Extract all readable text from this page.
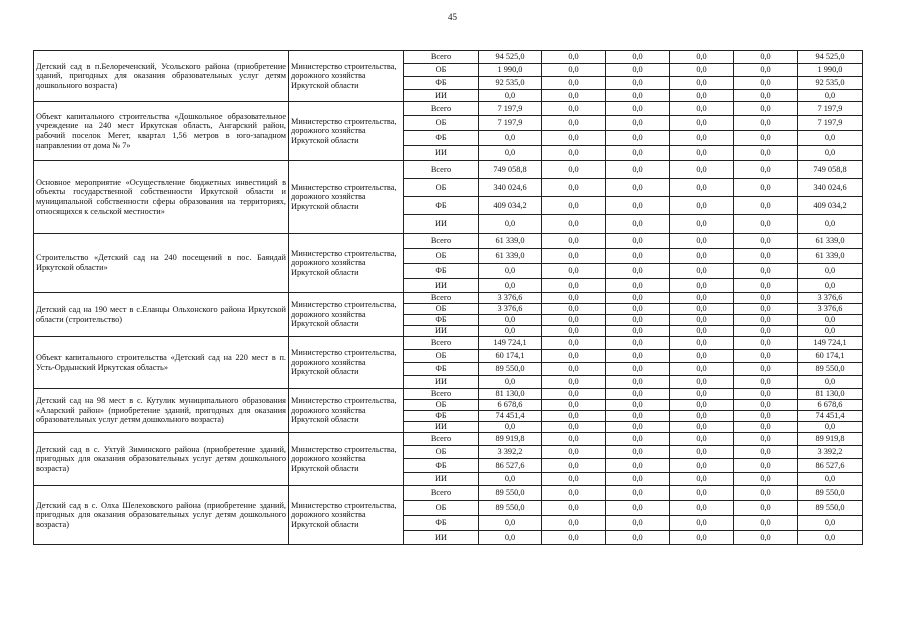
45
Детский сад в п.Белореченский, Усольского района (приобретение зданий, пригодных для оказания образовательных услуг детям дошкольного возраста)	Министерство строительства, дорожного хозяйства Иркутской области	Всего	94 525,0	0,0	0,0	0,0	0,0	94 525,0
		ОБ	1 990,0	0,0	0,0	0,0	0,0	1 990,0
		ФБ	92 535,0	0,0	0,0	0,0	0,0	92 535,0
		ИИ	0,0	0,0	0,0	0,0	0,0	0,0
Объект капитального строительства «Дошкольное образовательное учреждение на 240 мест Иркутская область, Ангарский район, рабочий поселок Мегет, квартал 1,56 метров в юго-западном направлении от дома № 7»	Министерство строительства, дорожного хозяйства Иркутской области	Всего	7 197,9	0,0	0,0	0,0	0,0	7 197,9
		ОБ	7 197,9	0,0	0,0	0,0	0,0	7 197,9
		ФБ	0,0	0,0	0,0	0,0	0,0	0,0
		ИИ	0,0	0,0	0,0	0,0	0,0	0,0
Основное мероприятие «Осуществление бюджетных инвестиций в объекты государственной собственности Иркутской области и муниципальной собственности сферы образования на территориях, относящихся к сельской местности»	Министерство строительства, дорожного хозяйства Иркутской области	Всего	749 058,8	0,0	0,0	0,0	0,0	749 058,8
		ОБ	340 024,6	0,0	0,0	0,0	0,0	340 024,6
		ФБ	409 034,2	0,0	0,0	0,0	0,0	409 034,2
		ИИ	0,0	0,0	0,0	0,0	0,0	0,0
Строительство «Детский сад на 240 посещений в пос. Баяндай Иркутской области»	Министерство строительства, дорожного хозяйства Иркутской области	Всего	61 339,0	0,0	0,0	0,0	0,0	61 339,0
		ОБ	61 339,0	0,0	0,0	0,0	0,0	61 339,0
		ФБ	0,0	0,0	0,0	0,0	0,0	0,0
		ИИ	0,0	0,0	0,0	0,0	0,0	0,0
Детский сад на 190 мест в с.Еланцы Ольхонского района Иркутской области (строительство)	Министерство строительства, дорожного хозяйства Иркутской области	Всего	3 376,6	0,0	0,0	0,0	0,0	3 376,6
		ОБ	3 376,6	0,0	0,0	0,0	0,0	3 376,6
		ФБ	0,0	0,0	0,0	0,0	0,0	0,0
		ИИ	0,0	0,0	0,0	0,0	0,0	0,0
Объект капитального строительства «Детский сад на 220 мест в п. Усть-Ордынский Иркутская область»	Министерство строительства, дорожного хозяйства Иркутской области	Всего	149 724,1	0,0	0,0	0,0	0,0	149 724,1
		ОБ	60 174,1	0,0	0,0	0,0	0,0	60 174,1
		ФБ	89 550,0	0,0	0,0	0,0	0,0	89 550,0
		ИИ	0,0	0,0	0,0	0,0	0,0	0,0
Детский сад на 98 мест в с. Кутулик муниципального образования «Аларский район» (приобретение зданий, пригодных для оказания образовательных услуг детям дошкольного возраста)	Министерство строительства, дорожного хозяйства Иркутской области	Всего	81 130,0	0,0	0,0	0,0	0,0	81 130,0
		ОБ	6 678,6	0,0	0,0	0,0	0,0	6 678,6
		ФБ	74 451,4	0,0	0,0	0,0	0,0	74 451,4
		ИИ	0,0	0,0	0,0	0,0	0,0	0,0
Детский сад в с. Ухтуй Зиминского района (приобретение зданий, пригодных для оказания образовательных услуг детям дошкольного возраста)	Министерство строительства, дорожного хозяйства Иркутской области	Всего	89 919,8	0,0	0,0	0,0	0,0	89 919,8
		ОБ	3 392,2	0,0	0,0	0,0	0,0	3 392,2
		ФБ	86 527,6	0,0	0,0	0,0	0,0	86 527,6
		ИИ	0,0	0,0	0,0	0,0	0,0	0,0
Детский сад в с. Олха Шелеховского района (приобретение зданий, пригодных для оказания образовательных услуг детям дошкольного возраста)	Министерство строительства, дорожного хозяйства Иркутской области	Всего	89 550,0	0,0	0,0	0,0	0,0	89 550,0
		ОБ	89 550,0	0,0	0,0	0,0	0,0	89 550,0
		ФБ	0,0	0,0	0,0	0,0	0,0	0,0
		ИИ	0,0	0,0	0,0	0,0	0,0	0,0
